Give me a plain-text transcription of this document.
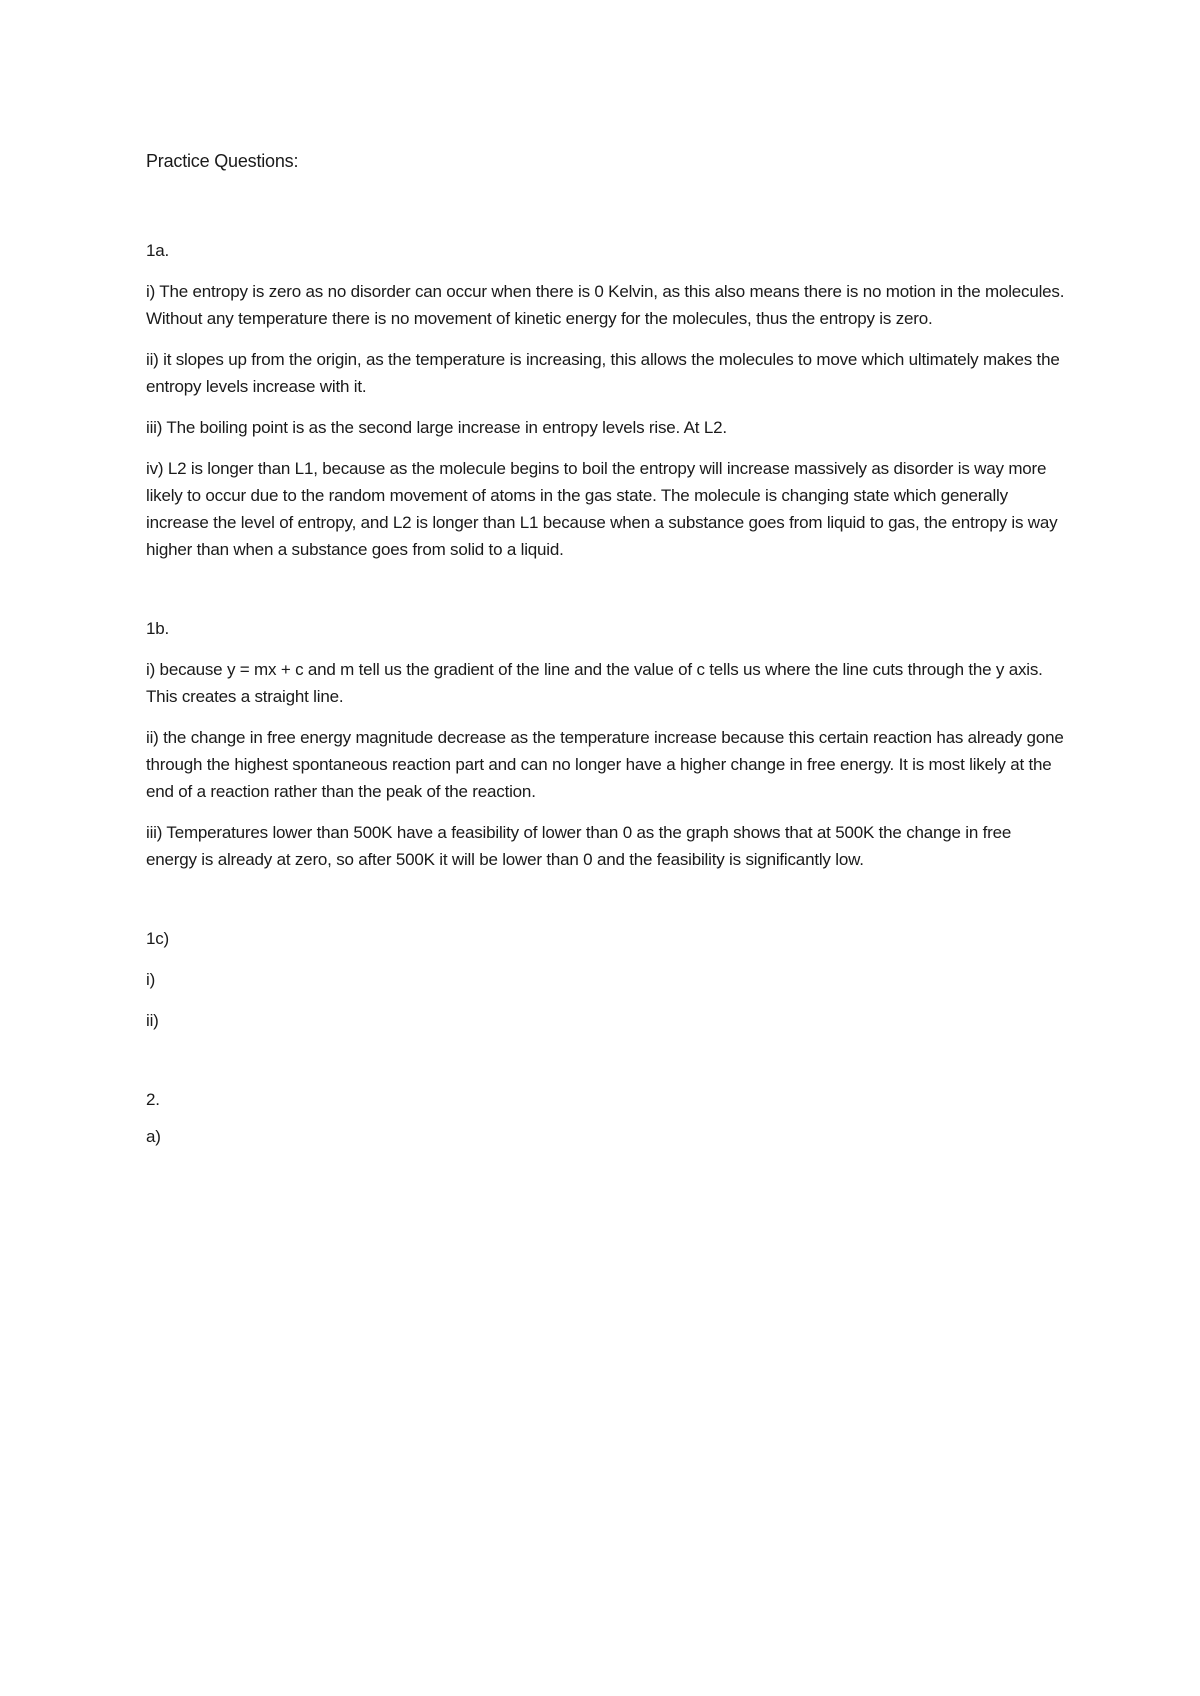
Practice Questions:

1a.

i) The entropy is zero as no disorder can occur when there is 0 Kelvin, as this also means there is no motion in the molecules. Without any temperature there is no movement of kinetic energy for the molecules, thus the entropy is zero.

ii) it slopes up from the origin, as the temperature is increasing, this allows the molecules to move which ultimately makes the entropy levels increase with it.

iii) The boiling point is as the second large increase in entropy levels rise. At L2.

iv) L2 is longer than L1, because as the molecule begins to boil the entropy will increase massively as disorder is way more likely to occur due to the random movement of atoms in the gas state. The molecule is changing state which generally increase the level of entropy, and L2 is longer than L1 because when a substance goes from liquid to gas, the entropy is way higher than when a substance goes from solid to a liquid.

1b.

i) because y = mx + c and m tell us the gradient of the line and the value of c tells us where the line cuts through the y axis. This creates a straight line.

ii) the change in free energy magnitude decrease as the temperature increase because this certain reaction has already gone through the highest spontaneous reaction part and can no longer have a higher change in free energy. It is most likely at the end of a reaction rather than the peak of the reaction.

iii) Temperatures lower than 500K have a feasibility of lower than 0 as the graph shows that at 500K the change in free energy is already at zero, so after 500K it will be lower than 0 and the feasibility is significantly low.

1c)

i)

ii)

2.

a)
